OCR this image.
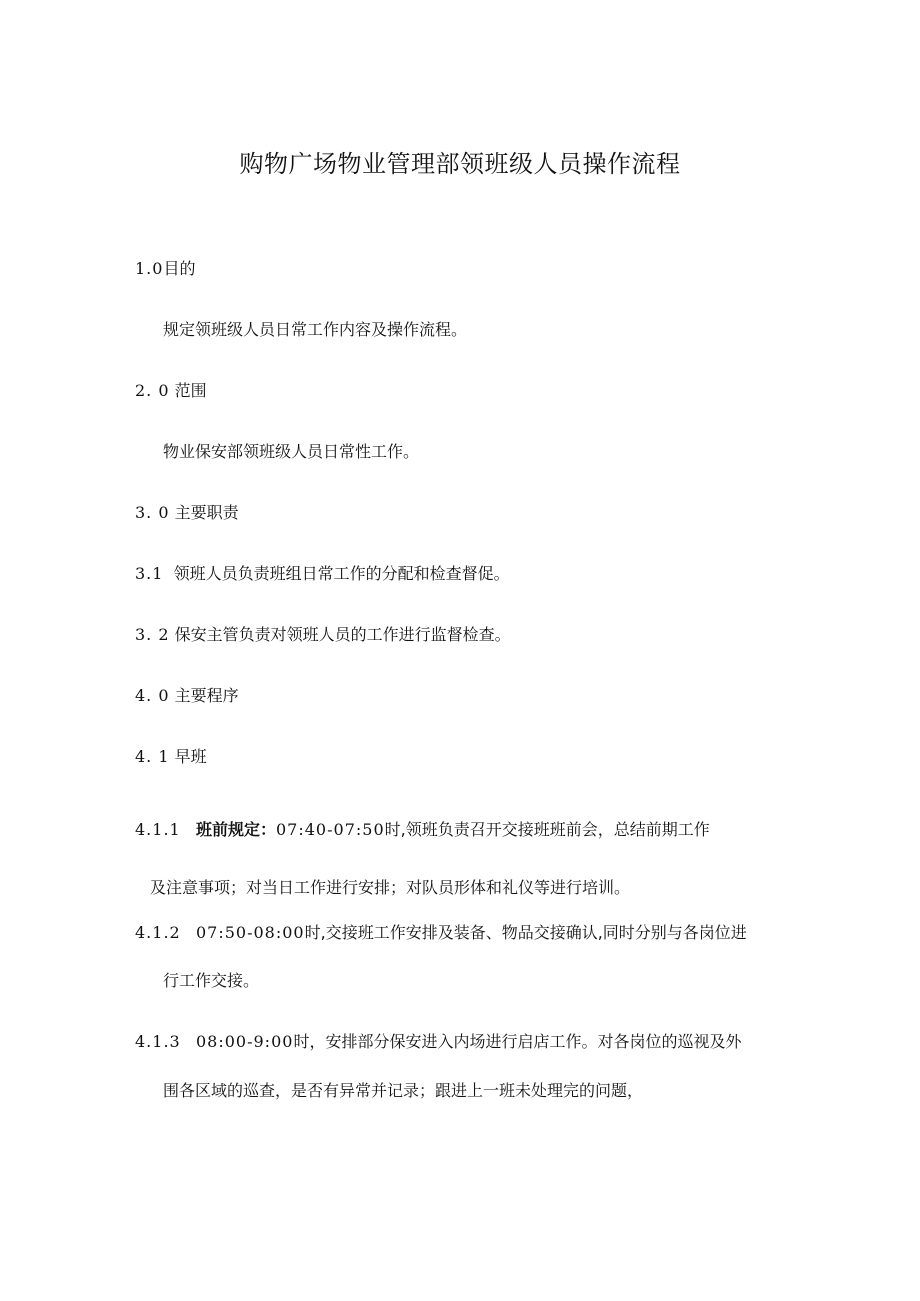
购物广场物业管理部领班级人员操作流程
1.0目的
规定领班级人员日常工作内容及操作流程。
2. 0 范围
物业保安部领班级人员日常性工作。
3. 0 主要职责
3.1 领班人员负责班组日常工作的分配和检查督促。
3. 2 保安主管负责对领班人员的工作进行监督检查。
4. 0 主要程序
4. 1 早班
4.1.1 班前规定：07:40-07:50时,领班负责召开交接班班前会，总结前期工作
及注意事项；对当日工作进行安排；对队员形体和礼仪等进行培训。
4.1.2 07:50-08:00时,交接班工作安排及装备、物品交接确认,同时分别与各岗位进
行工作交接。
4.1.3 08:00-9:00时，安排部分保安进入内场进行启店工作。对各岗位的巡视及外
围各区域的巡查，是否有异常并记录；跟进上一班未处理完的问题，
